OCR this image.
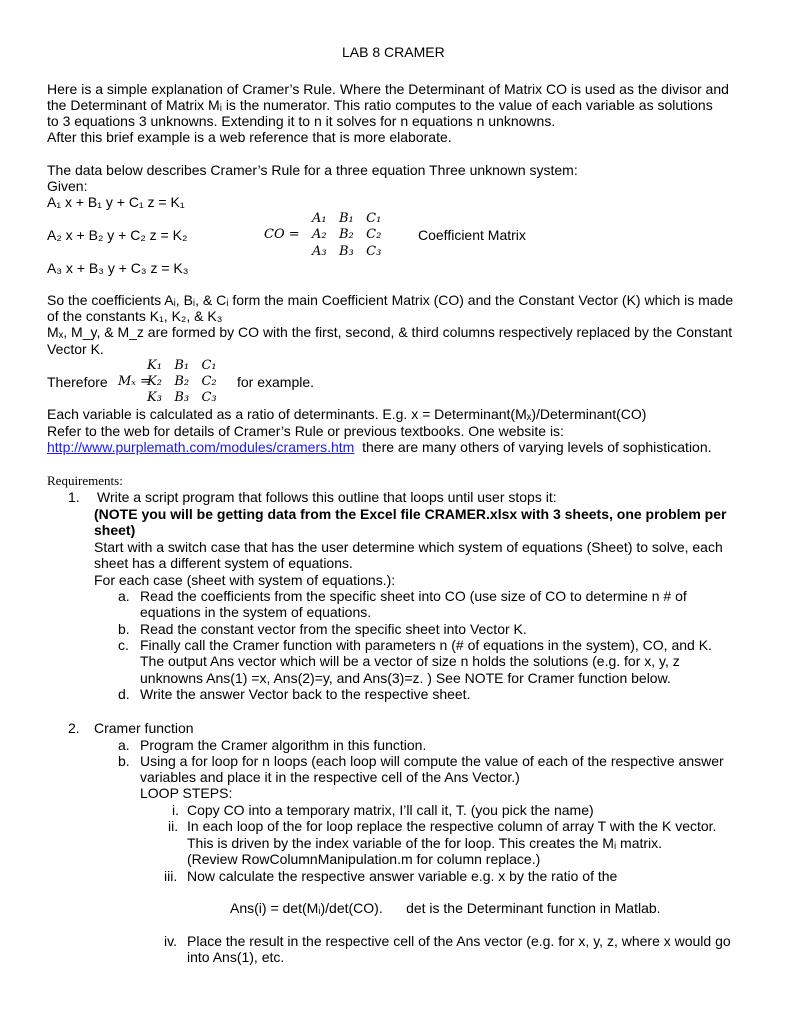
LAB 8 CRAMER
Here is a simple explanation of Cramer’s Rule. Where the Determinant of Matrix CO is used as the divisor and
the Determinant of Matrix Mᵢ is the numerator. This ratio computes to the value of each variable as solutions
to 3 equations 3 unknowns. Extending it to n it solves for n equations n unknowns.
After this brief example is a web reference that is more elaborate.
The data below describes Cramer’s Rule for a three equation Three unknown system:
Given:
A₁ x + B₁ y + C₁ z = K₁
A₂ x + B₂ y + C₂ z = K₂
A₃ x + B₃ y + C₃ z = K₃
CO =
A₁   B₁   C₁
A₂   B₂   C₂
A₃   B₃   C₃
Coefficient Matrix
So the coefficients Aᵢ, Bᵢ, & Cᵢ form the main Coefficient Matrix (CO) and the Constant Vector (K) which is made
of the constants K₁, K₂, & K₃
Mₓ, M_y, & M_z are formed by CO with the first, second, & third columns respectively replaced by the Constant
Vector K.
K₁   B₁   C₁
Therefore Mₓ =
K₂   B₂   C₂ for example.
K₃   B₃   C₃
Each variable is calculated as a ratio of determinants. E.g. x = Determinant(Mₓ)/Determinant(CO)
Refer to the web for details of Cramer’s Rule or previous textbooks. One website is:
http://www.purplemath.com/modules/cramers.htm  there are many others of varying levels of sophistication.
Requirements:
1. Write a script program that follows this outline that loops until user stops it:
(NOTE you will be getting data from the Excel file CRAMER.xlsx with 3 sheets, one problem per
sheet)
Start with a switch case that has the user determine which system of equations (Sheet) to solve, each
sheet has a different system of equations.
For each case (sheet with system of equations.):
a. Read the coefficients from the specific sheet into CO (use size of CO to determine n # of
equations in the system of equations.
b. Read the constant vector from the specific sheet into Vector K.
c. Finally call the Cramer function with parameters n (# of equations in the system), CO, and K.
The output Ans vector which will be a vector of size n holds the solutions (e.g. for x, y, z
unknowns Ans(1) =x, Ans(2)=y, and Ans(3)=z. ) See NOTE for Cramer function below.
d. Write the answer Vector back to the respective sheet.
2. Cramer function
a. Program the Cramer algorithm in this function.
b. Using a for loop for n loops (each loop will compute the value of each of the respective answer
variables and place it in the respective cell of the Ans Vector.)
LOOP STEPS:
i. Copy CO into a temporary matrix, I’ll call it, T. (you pick the name)
ii. In each loop of the for loop replace the respective column of array T with the K vector.
This is driven by the index variable of the for loop. This creates the Mᵢ matrix.
(Review RowColumnManipulation.m for column replace.)
iii. Now calculate the respective answer variable e.g. x by the ratio of the
Ans(i) = det(Mᵢ)/det(CO).      det is the Determinant function in Matlab.
iv. Place the result in the respective cell of the Ans vector (e.g. for x, y, z, where x would go
into Ans(1), etc.
